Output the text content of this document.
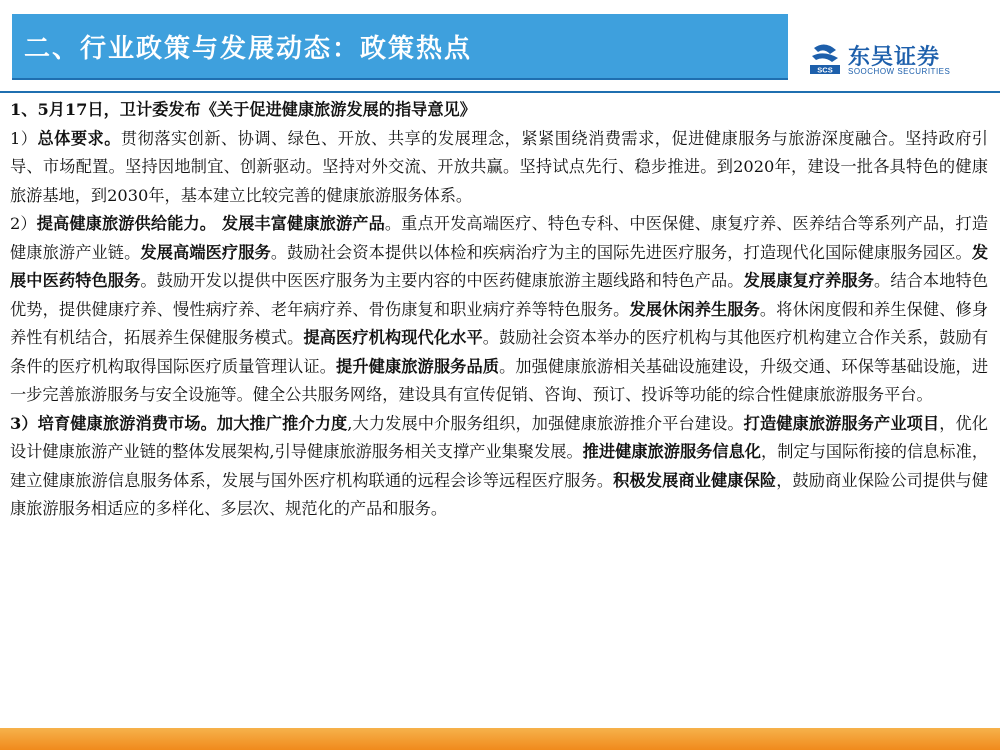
二、行业政策与发展动态：政策热点
SCS 东吴证券
SOOCHOW SECURITIES

1、5月17日，卫计委发布《关于促进健康旅游发展的指导意见》

1）总体要求。贯彻落实创新、协调、绿色、开放、共享的发展理念，紧紧围绕消费需求，促进健康服务与旅游深度融合。坚持政府引导、市场配置。坚持因地制宜、创新驱动。坚持对外交流、开放共赢。坚持试点先行、稳步推进。到2020年，建设一批各具特色的健康旅游基地，到2030年，基本建立比较完善的健康旅游服务体系。

2）提高健康旅游供给能力。 发展丰富健康旅游产品。重点开发高端医疗、特色专科、中医保健、康复疗养、医养结合等系列产品，打造健康旅游产业链。发展高端医疗服务。鼓励社会资本提供以体检和疾病治疗为主的国际先进医疗服务，打造现代化国际健康服务园区。发展中医药特色服务。鼓励开发以提供中医医疗服务为主要内容的中医药健康旅游主题线路和特色产品。发展康复疗养服务。结合本地特色优势，提供健康疗养、慢性病疗养、老年病疗养、骨伤康复和职业病疗养等特色服务。发展休闲养生服务。将休闲度假和养生保健、修身养性有机结合，拓展养生保健服务模式。提高医疗机构现代化水平。鼓励社会资本举办的医疗机构与其他医疗机构建立合作关系，鼓励有条件的医疗机构取得国际医疗质量管理认证。提升健康旅游服务品质。加强健康旅游相关基础设施建设，升级交通、环保等基础设施，进一步完善旅游服务与安全设施等。健全公共服务网络，建设具有宣传促销、咨询、预订、投诉等功能的综合性健康旅游服务平台。

3）培育健康旅游消费市场。加大推广推介力度,大力发展中介服务组织，加强健康旅游推介平台建设。打造健康旅游服务产业项目，优化设计健康旅游产业链的整体发展架构,引导健康旅游服务相关支撑产业集聚发展。推进健康旅游服务信息化，制定与国际衔接的信息标准，建立健康旅游信息服务体系，发展与国外医疗机构联通的远程会诊等远程医疗服务。积极发展商业健康保险，鼓励商业保险公司提供与健康旅游服务相适应的多样化、多层次、规范化的产品和服务。
